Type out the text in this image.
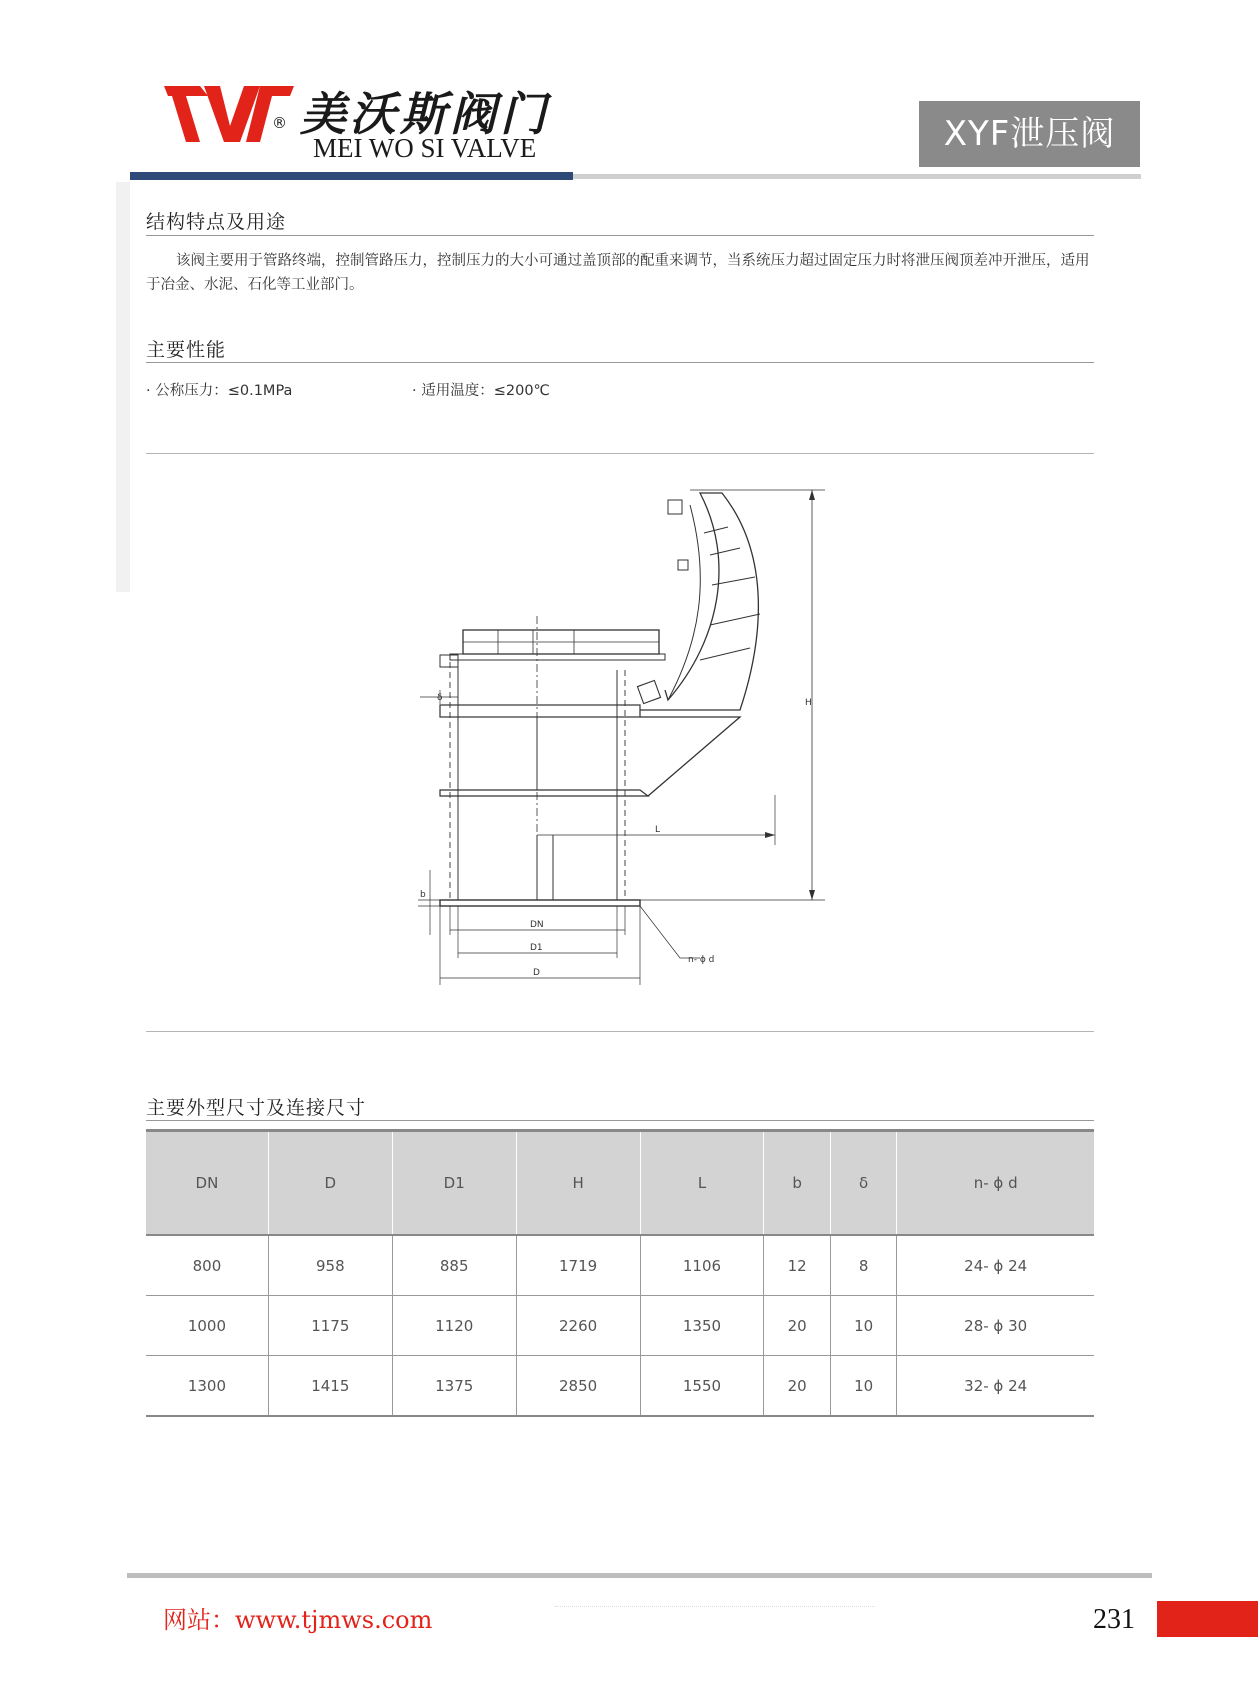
® 美沃斯阀门
MEI WO SI VALVE	XYF泄压阀
结构特点及用途
该阀主要用于管路终端，控制管路压力，控制压力的大小可通过盖顶部的配重来调节，当系统压力超过固定压力时将泄压阀顶差冲开泄压，适用于冶金、水泥、石化等工业部门。
主要性能
· 公称压力：≤0.1MPa	· 适用温度：≤200℃
δ
b
H
L
DN
D1
D
n- ϕ d
主要外型尺寸及连接尺寸
DN	D	D1	H	L	b	δ	n- ϕ d
800	958	885	1719	1106	12	8	24- ϕ 24
1000	1175	1120	2260	1350	20	10	28- ϕ 30
1300	1415	1375	2850	1550	20	10	32- ϕ 24
网站：www.tjmws.com	231
